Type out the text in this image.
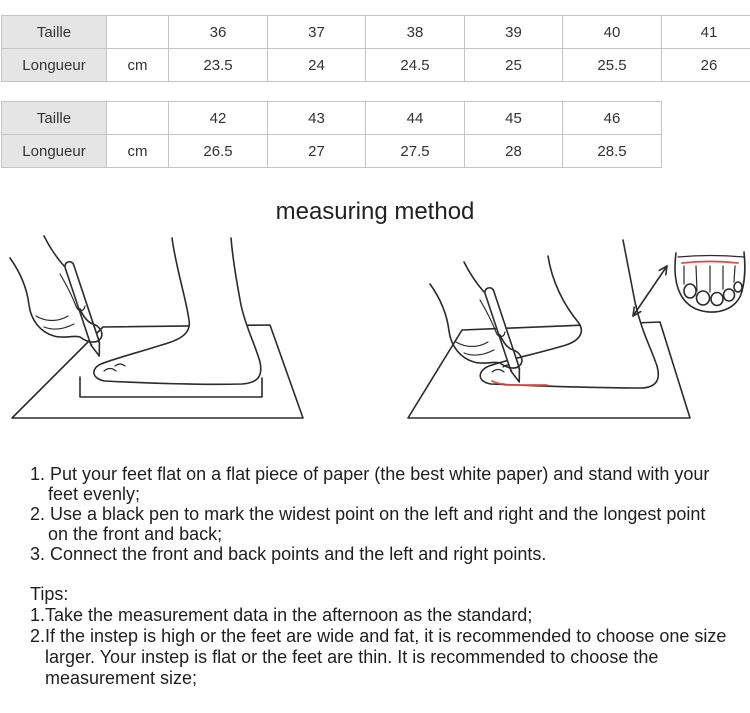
Taille		36	37	38	39	40	41
Longueur	cm	23.5	24	24.5	25	25.5	26
Taille		42	43	44	45	46
Longueur	cm	26.5	27	27.5	28	28.5
measuring method
1. Put your feet flat on a flat piece of paper (the best white paper) and stand with your feet evenly;
2. Use a black pen to mark the widest point on the left and right and the longest point on the front and back;
3. Connect the front and back points and the left and right points.
Tips:
1.Take the measurement data in the afternoon as the standard;
2.If the instep is high or the feet are wide and fat, it is recommended to choose one size larger. Your instep is flat or the feet are thin. It is recommended to choose the measurement size;
